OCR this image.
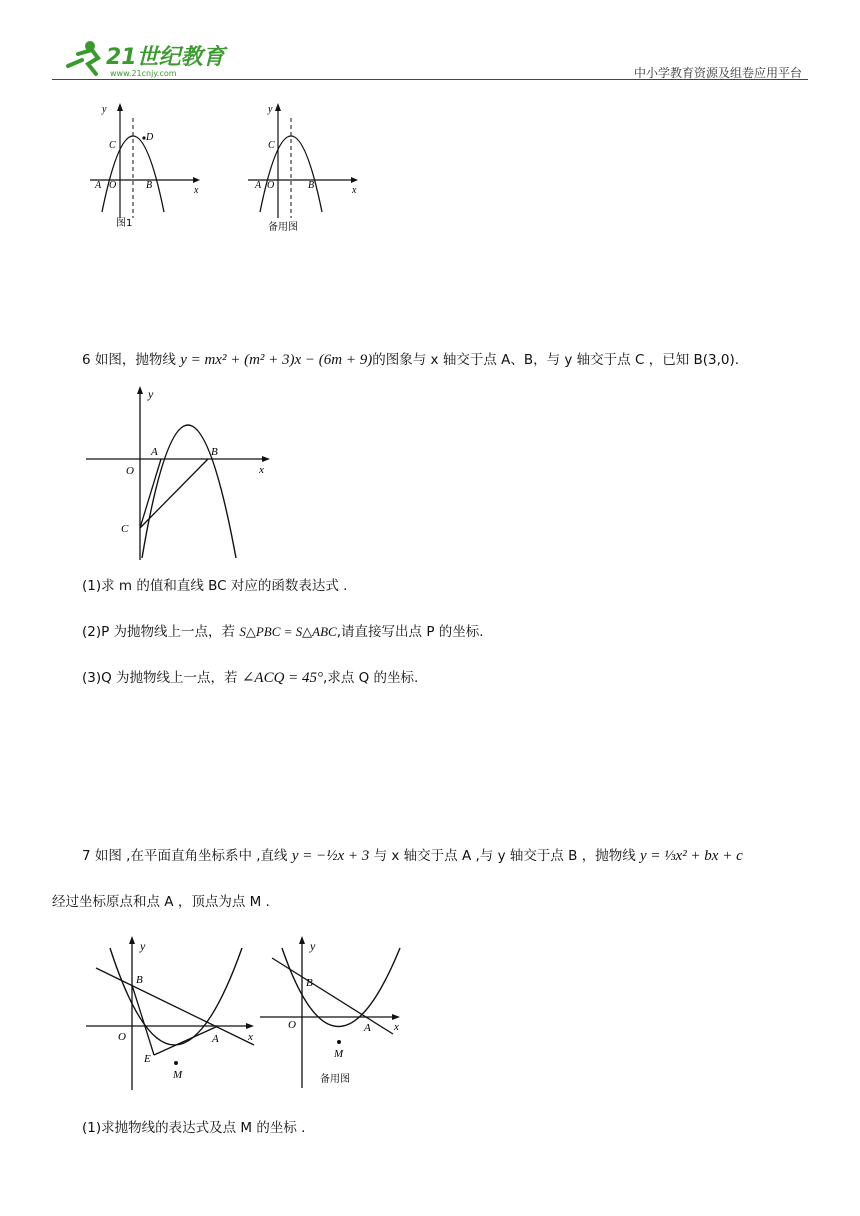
21世纪教育
www.21cnjy.com	中小学教育资源及组卷应用平台
y
x
A O	B
C
D
图1
y
x
A O	B
C
备用图
6 如图，抛物线 y = mx² + (m² + 3)x − (6m + 9)的图象与 x 轴交于点 A、B，与 y 轴交于点 C ，已知 B(3,0).
y
x
A	B
O
C
(1)求 m 的值和直线 BC 对应的函数表达式 .
(2)P 为抛物线上一点，若 S△PBC = S△ABC,请直接写出点 P 的坐标.
(3)Q 为抛物线上一点，若 ∠ACQ = 45°,求点 Q 的坐标.
7 如图 ,在平面直角坐标系中 ,直线 y = −½x + 3 与 x 轴交于点 A ,与 y 轴交于点 B ，抛物线 y = ⅓x² + bx + c
经过坐标原点和点 A ，顶点为点 M .
y
x
B
O
E
M
A
y
x
B
O
M
A
备用图
(1)求抛物线的表达式及点 M 的坐标 .
